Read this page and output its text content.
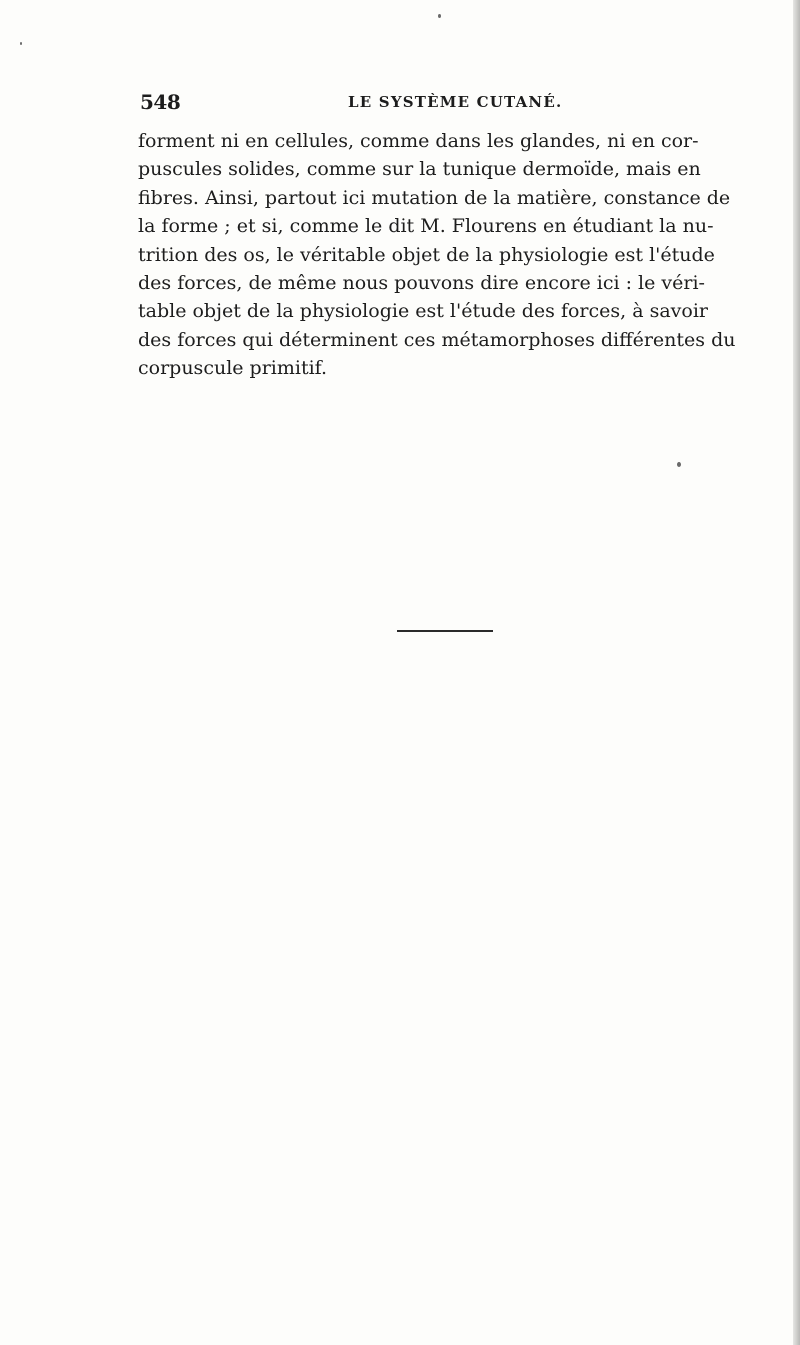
548	LE SYSTÈME CUTANÉ.
forment ni en cellules, comme dans les glandes, ni en cor-
puscules solides, comme sur la tunique dermoïde, mais en
fibres. Ainsi, partout ici mutation de la matière, constance de
la forme ; et si, comme le dit M. Flourens en étudiant la nu-
trition des os, le véritable objet de la physiologie est l'étude
des forces, de même nous pouvons dire encore ici : le véri-
table objet de la physiologie est l'étude des forces, à savoir
des forces qui déterminent ces métamorphoses différentes du
corpuscule primitif.
